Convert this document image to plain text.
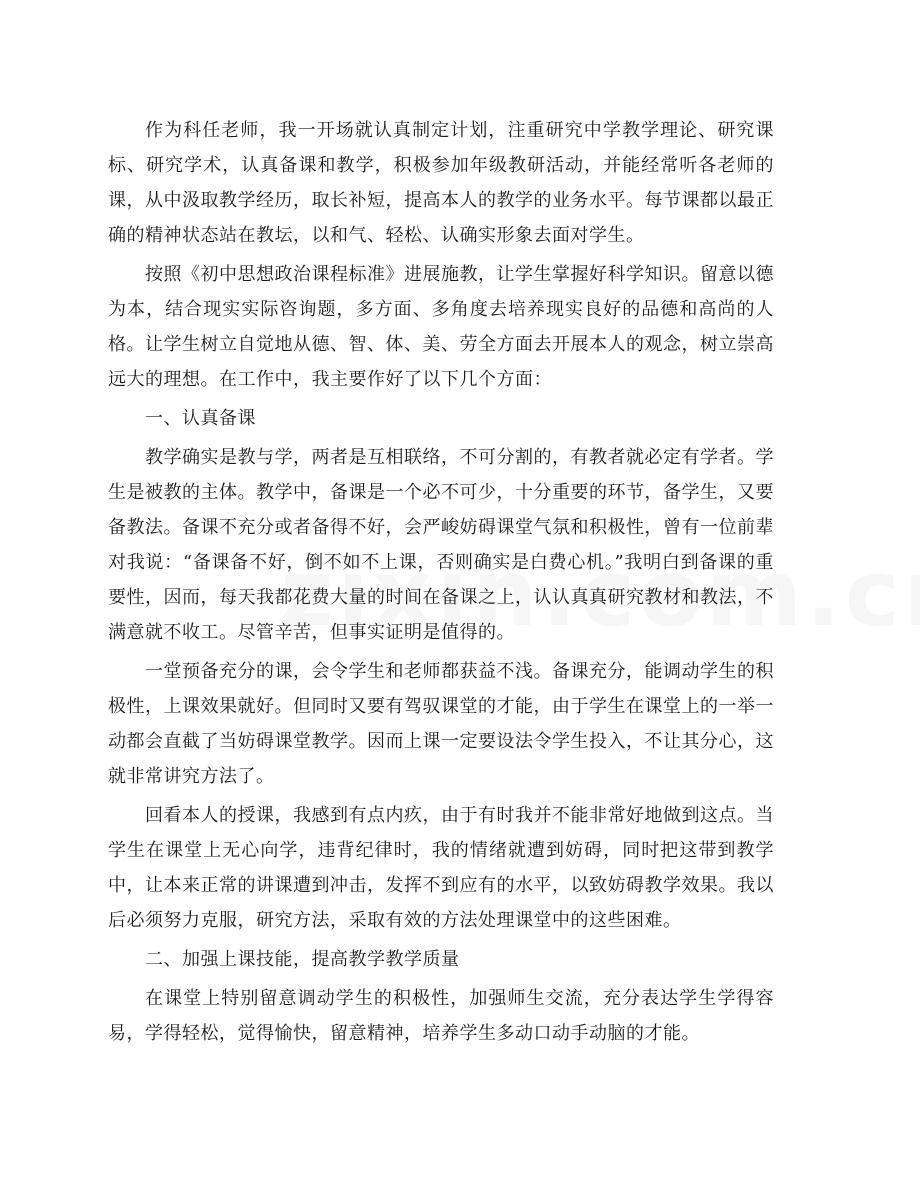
作为科任老师，我一开场就认真制定计划，注重研究中学教学理论、研究课标、研究学术，认真备课和教学，积极参加年级教研活动，并能经常听各老师的课，从中汲取教学经历，取长补短，提高本人的教学的业务水平。每节课都以最正确的精神状态站在教坛，以和气、轻松、认确实形象去面对学生。

按照《初中思想政治课程标准》进展施教，让学生掌握好科学知识。留意以德为本，结合现实实际咨询题，多方面、多角度去培养现实良好的品德和高尚的人格。让学生树立自觉地从德、智、体、美、劳全方面去开展本人的观念，树立崇高远大的理想。在工作中，我主要作好了以下几个方面：

一、认真备课

教学确实是教与学，两者是互相联络，不可分割的，有教者就必定有学者。学生是被教的主体。教学中，备课是一个必不可少，十分重要的环节，备学生，又要备教法。备课不充分或者备得不好，会严峻妨碍课堂气氛和积极性，曾有一位前辈对我说：“备课备不好，倒不如不上课，否则确实是白费心机。”我明白到备课的重要性，因而，每天我都花费大量的时间在备课之上，认认真真研究教材和教法，不满意就不收工。尽管辛苦，但事实证明是值得的。

一堂预备充分的课，会令学生和老师都获益不浅。备课充分，能调动学生的积极性，上课效果就好。但同时又要有驾驭课堂的才能，由于学生在课堂上的一举一动都会直截了当妨碍课堂教学。因而上课一定要设法令学生投入，不让其分心，这就非常讲究方法了。

回看本人的授课，我感到有点内疚，由于有时我并不能非常好地做到这点。当学生在课堂上无心向学，违背纪律时，我的情绪就遭到妨碍，同时把这带到教学中，让本来正常的讲课遭到冲击，发挥不到应有的水平，以致妨碍教学效果。我以后必须努力克服，研究方法，采取有效的方法处理课堂中的这些困难。

二、加强上课技能，提高教学教学质量

在课堂上特别留意调动学生的积极性，加强师生交流，充分表达学生学得容易，学得轻松，觉得愉快，留意精神，培养学生多动口动手动脑的才能。
